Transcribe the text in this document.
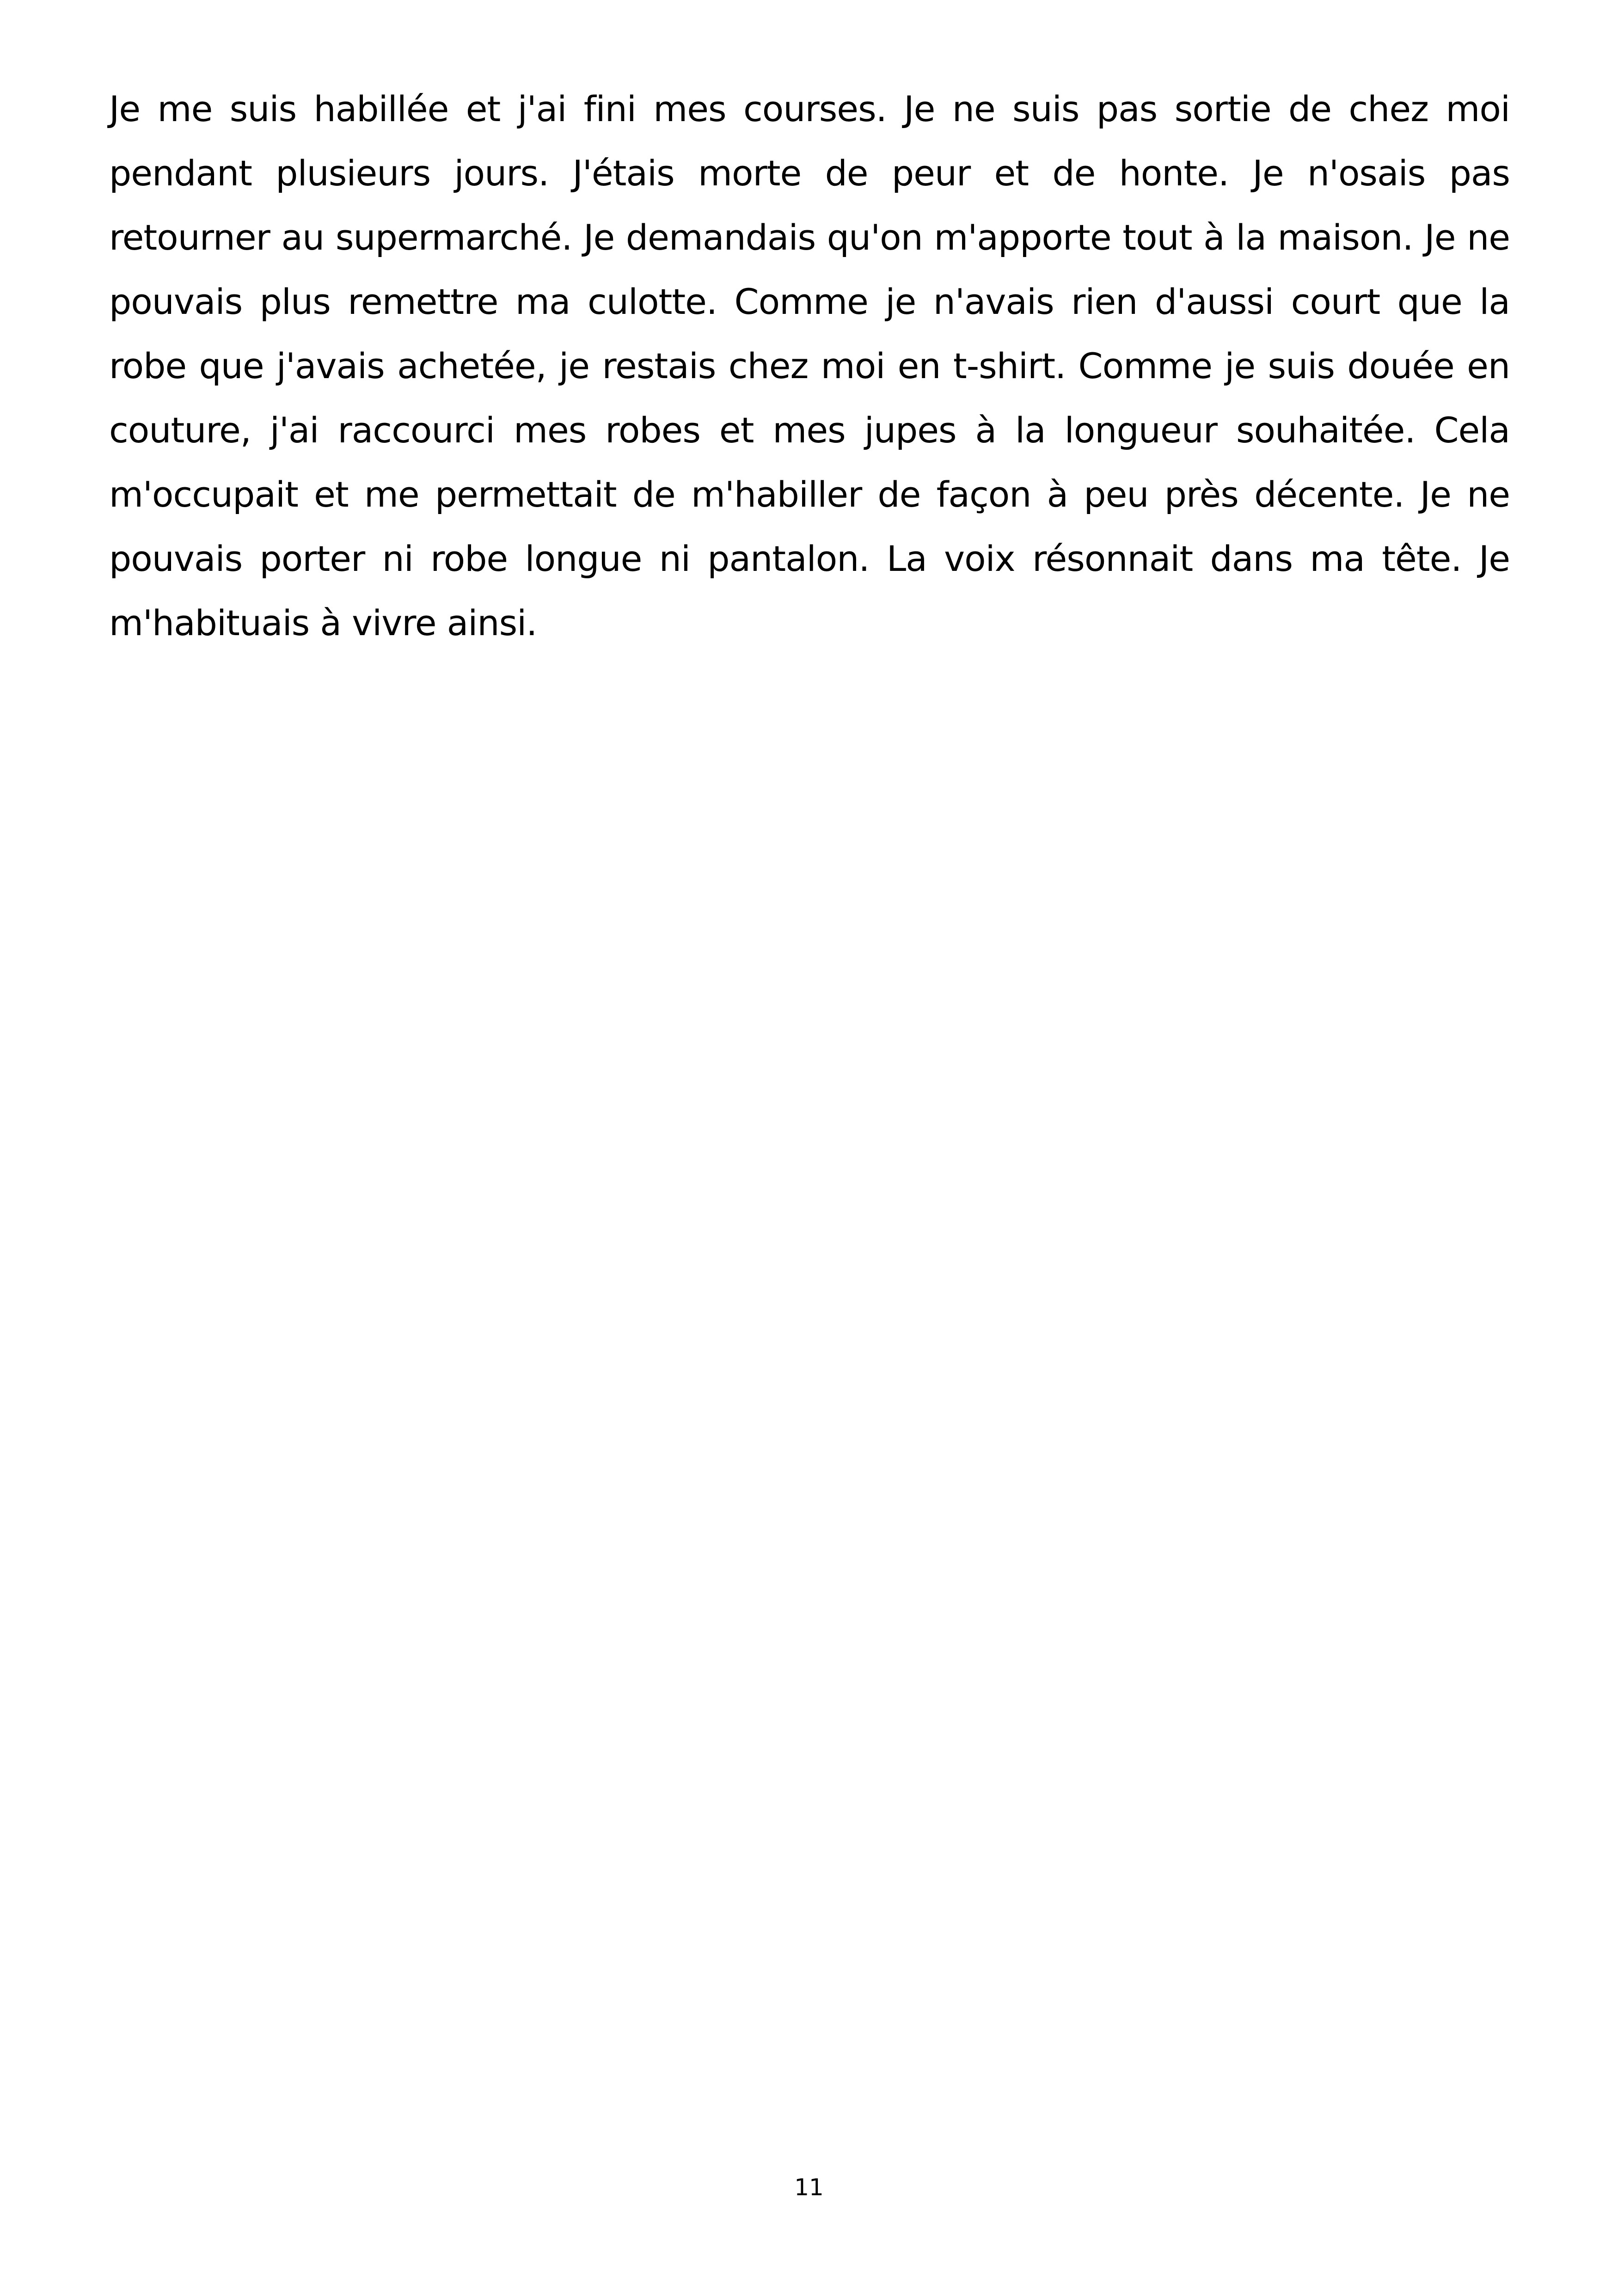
Je me suis habillée et j'ai fini mes courses. Je ne suis pas sortie de chez moi pendant plusieurs jours. J'étais morte de peur et de honte. Je n'osais pas retourner au supermarché. Je demandais qu'on m'apporte tout à la maison. Je ne pouvais plus remettre ma culotte. Comme je n'avais rien d'aussi court que la robe que j'avais achetée, je restais chez moi en t-shirt. Comme je suis douée en couture, j'ai raccourci mes robes et mes jupes à la longueur souhaitée. Cela m'occupait et me permettait de m'habiller de façon à peu près décente. Je ne pouvais porter ni robe longue ni pantalon. La voix résonnait dans ma tête. Je m'habituais à vivre ainsi.

11
